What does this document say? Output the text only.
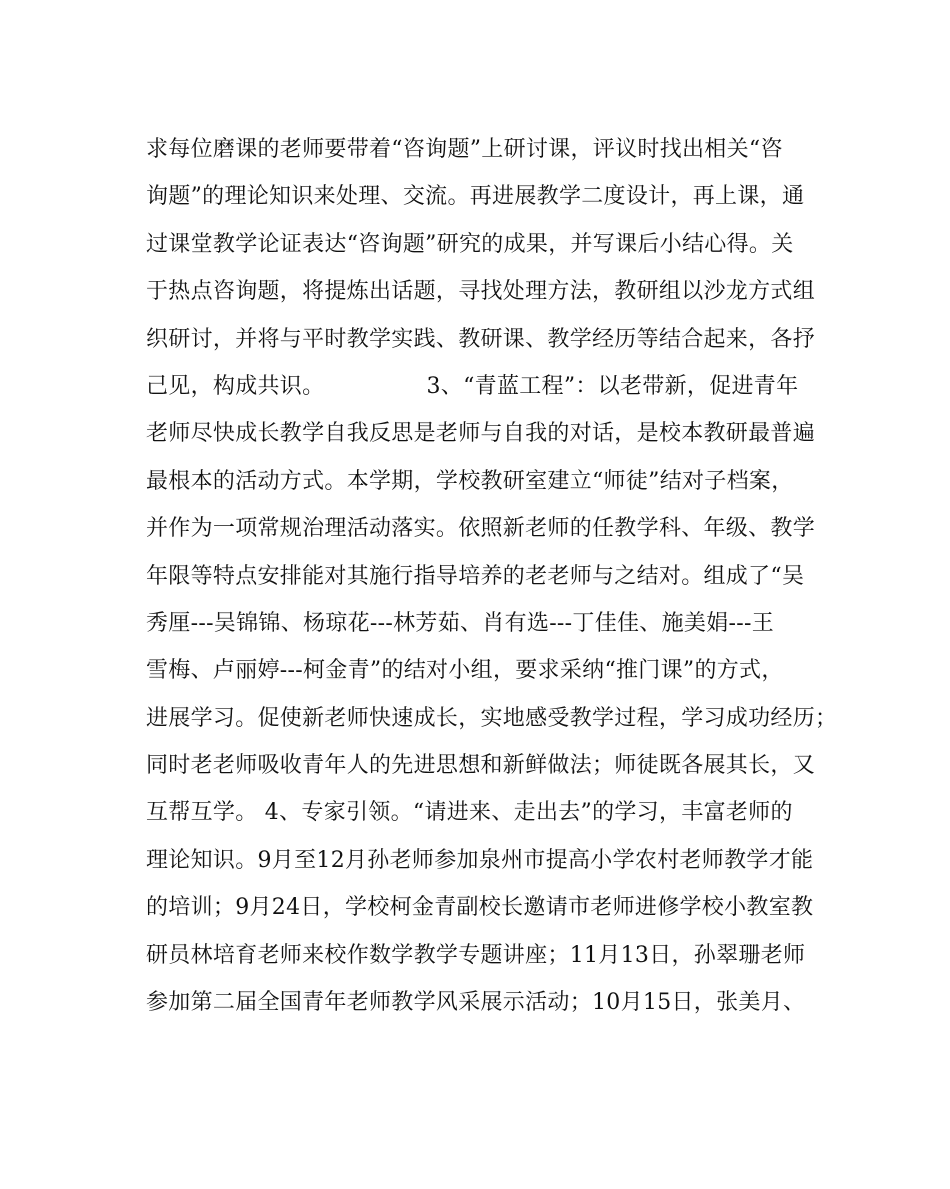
求每位磨课的老师要带着“咨询题”上研讨课，评议时找出相关“咨
询题”的理论知识来处理、交流。再进展教学二度设计，再上课，通
过课堂教学论证表达“咨询题”研究的成果，并写课后小结心得。关
于热点咨询题，将提炼出话题，寻找处理方法，教研组以沙龙方式组
织研讨，并将与平时教学实践、教研课、教学经历等结合起来，各抒
己见，构成共识。              3、“青蓝工程”：以老带新，促进青年
老师尽快成长教学自我反思是老师与自我的对话，是校本教研最普遍
最根本的活动方式。本学期，学校教研室建立“师徒”结对子档案，
并作为一项常规治理活动落实。依照新老师的任教学科、年级、教学
年限等特点安排能对其施行指导培养的老老师与之结对。组成了“吴
秀厘---吴锦锦、杨琼花---林芳茹、肖有选---丁佳佳、施美娟---王
雪梅、卢丽婷---柯金青”的结对小组，要求采纳“推门课”的方式，
进展学习。促使新老师快速成长，实地感受教学过程，学习成功经历；
同时老老师吸收青年人的先进思想和新鲜做法；师徒既各展其长，又
互帮互学。 4、专家引领。“请进来、走出去”的学习，丰富老师的
理论知识。9月至12月孙老师参加泉州市提高小学农村老师教学才能
的培训；9月24日，学校柯金青副校长邀请市老师进修学校小教室教
研员林培育老师来校作数学教学专题讲座；11月13日，孙翠珊老师
参加第二届全国青年老师教学风采展示活动；10月15日，张美月、
